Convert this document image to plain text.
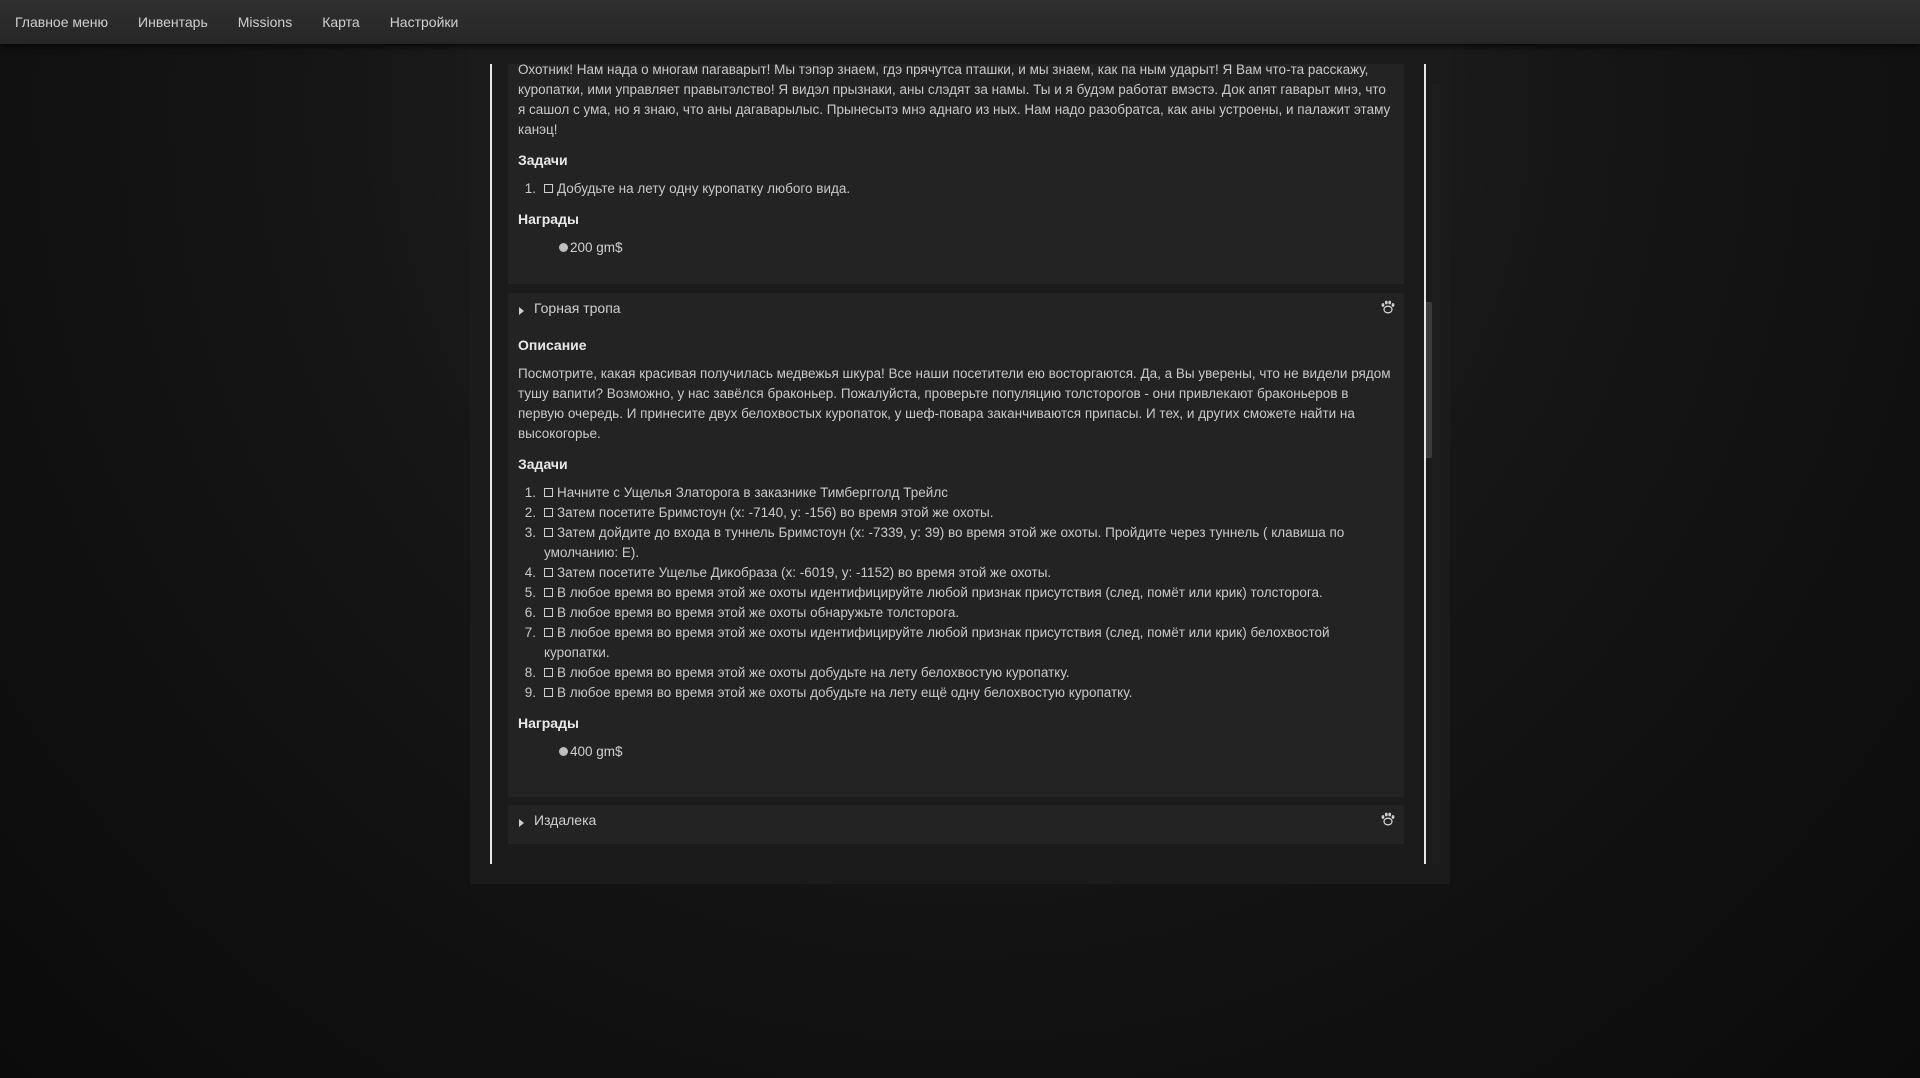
Главное меню	Инвентарь	Missions	Карта	Настройки

Охотник! Нам нада о многам пагаварыт! Мы тэпэр знаем, гдэ прячутса пташки, и мы знаем, как па ным ударыт! Я Вам что-та расскажу, куропатки, ими управляет правытэлство! Я видэл прызнаки, аны слэдят за намы. Ты и я будэм работат вмэстэ. Док апят гаварыт мнэ, что я сашол с ума, но я знаю, что аны дагаварылыс. Прынесытэ мнэ аднаго из ных. Нам надо разобратса, как аны устроены, и палажит этаму канэц!

Задачи

1. Добудьте на лету одну куропатку любого вида.

Награды

200 gm$
Горная тропа

Описание

Посмотрите, какая красивая получилась медвежья шкура! Все наши посетители ею восторгаются. Да, а Вы уверены, что не видели рядом тушу вапити? Возможно, у нас завёлся браконьер. Пожалуйста, проверьте популяцию толсторогов - они привлекают браконьеров в первую очередь. И принесите двух белохвостых куропаток, у шеф-повара заканчиваются припасы. И тех, и других сможете найти на высокогорье.

Задачи

1. Начните с Ущелья Златорога в заказнике Тимбергголд Трейлс
2. Затем посетите Бримстоун (x: -7140, y: -156) во время этой же охоты.
3. Затем дойдите до входа в туннель Бримстоун (x: -7339, y: 39) во время этой же охоты. Пройдите через туннель ( клавиша по умолчанию: E).
4. Затем посетите Ущелье Дикобраза (x: -6019, y: -1152) во время этой же охоты.
5. В любое время во время этой же охоты идентифицируйте любой признак присутствия (след, помёт или крик) толсторога.
6. В любое время во время этой же охоты обнаружьте толсторога.
7. В любое время во время этой же охоты идентифицируйте любой признак присутствия (след, помёт или крик) белохвостой куропатки.
8. В любое время во время этой же охоты добудьте на лету белохвостую куропатку.
9. В любое время во время этой же охоты добудьте на лету ещё одну белохвостую куропатку.

Награды

400 gm$
Издалека
